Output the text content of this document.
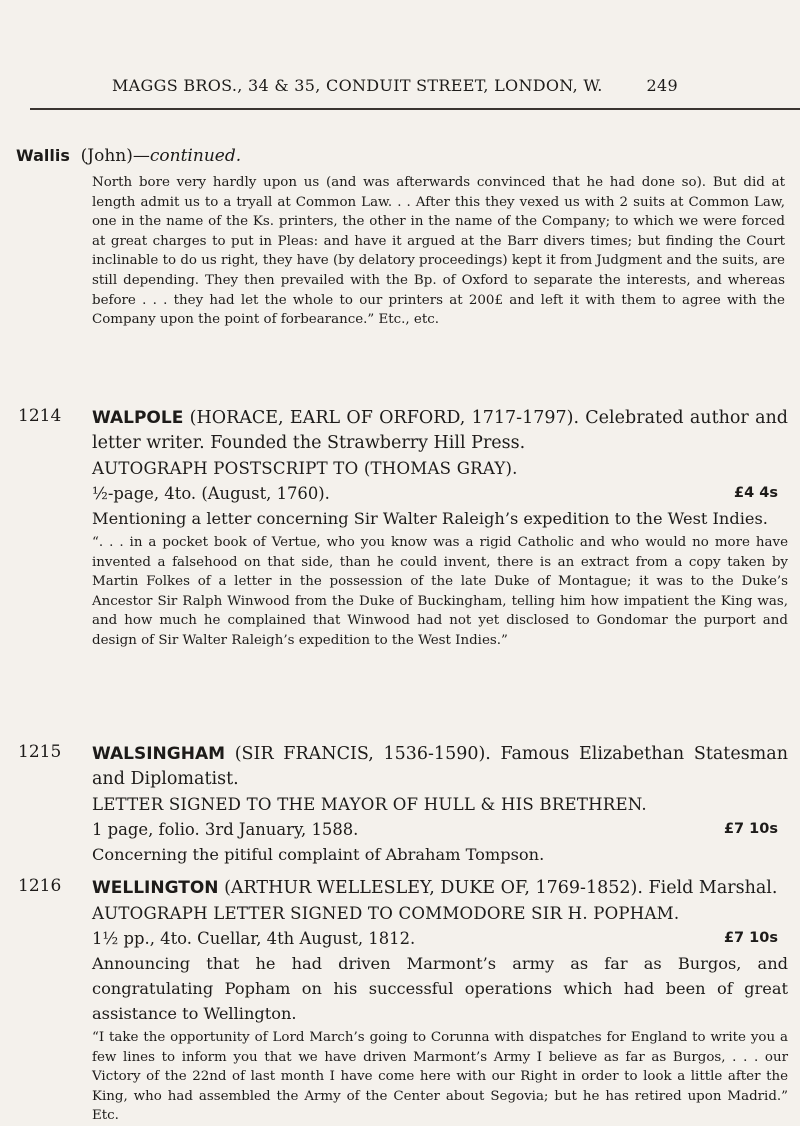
MAGGS BROS., 34 & 35, CONDUIT STREET, LONDON, W.	249
Wallis (John)—continued.
North bore very hardly upon us (and was afterwards convinced that he had done so). But did at length admit us to a tryall at Common Law. . . After this they vexed us with 2 suits at Common Law, one in the name of the Ks. printers, the other in the name of the Company; to which we were forced at great charges to put in Pleas: and have it argued at the Barr divers times; but finding the Court inclinable to do us right, they have (by delatory proceedings) kept it from Judgment and the suits, are still depending. They then prevailed with the Bp. of Oxford to separate the interests, and whereas before . . . they had let the whole to our printers at 200£ and left it with them to agree with the Company upon the point of forbearance.” Etc., etc.
1214 WALPOLE (HORACE, EARL OF ORFORD, 1717-1797). Celebrated author and letter writer. Founded the Strawberry Hill Press.
AUTOGRAPH POSTSCRIPT TO (THOMAS GRAY).
½-page, 4to. (August, 1760).	£4 4s
Mentioning a letter concerning Sir Walter Raleigh’s expedition to the West Indies.
“. . . in a pocket book of Vertue, who you know was a rigid Catholic and who would no more have invented a falsehood on that side, than he could invent, there is an extract from a copy taken by Martin Folkes of a letter in the possession of the late Duke of Montague; it was to the Duke’s Ancestor Sir Ralph Winwood from the Duke of Buckingham, telling him how impatient the King was, and how much he complained that Winwood had not yet disclosed to Gondomar the purport and design of Sir Walter Raleigh’s expedition to the West Indies.”
1215 WALSINGHAM (SIR FRANCIS, 1536-1590). Famous Elizabethan Statesman and Diplomatist.
LETTER SIGNED TO THE MAYOR OF HULL & HIS BRETHREN.
1 page, folio. 3rd January, 1588.	£7 10s
Concerning the pitiful complaint of Abraham Tompson.
1216 WELLINGTON (ARTHUR WELLESLEY, DUKE OF, 1769-1852). Field Marshal.
AUTOGRAPH LETTER SIGNED TO COMMODORE SIR H. POPHAM.
1½ pp., 4to. Cuellar, 4th August, 1812.	£7 10s
Announcing that he had driven Marmont’s army as far as Burgos, and congratulating Popham on his successful operations which had been of great assistance to Wellington.
“I take the opportunity of Lord March’s going to Corunna with dispatches for England to write you a few lines to inform you that we have driven Marmont’s Army I believe as far as Burgos, . . . our Victory of the 22nd of last month I have come here with our Right in order to look a little after the King, who had assembled the Army of the Center about Segovia; but he has retired upon Madrid.” Etc.
